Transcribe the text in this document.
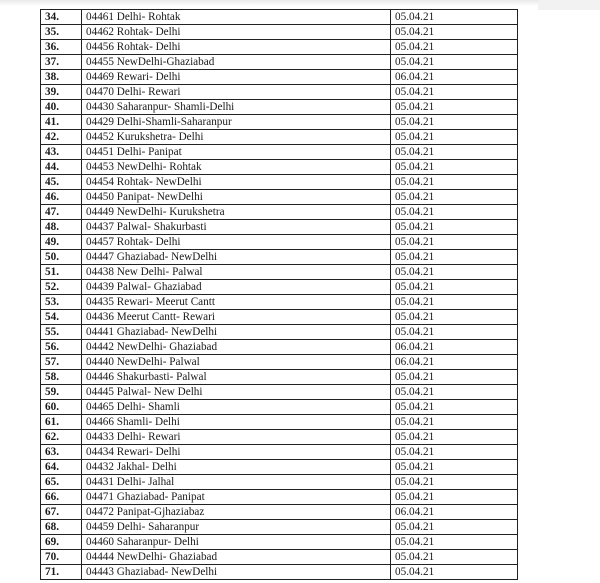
34.	04461 Delhi- Rohtak	05.04.21
35.	04462 Rohtak- Delhi	05.04.21
36.	04456 Rohtak- Delhi	05.04.21
37.	04455 NewDelhi-Ghaziabad	05.04.21
38.	04469 Rewari- Delhi	06.04.21
39.	04470 Delhi- Rewari	05.04.21
40.	04430 Saharanpur- Shamli-Delhi	05.04.21
41.	04429 Delhi-Shamli-Saharanpur	05.04.21
42.	04452 Kurukshetra- Delhi	05.04.21
43.	04451 Delhi- Panipat	05.04.21
44.	04453 NewDelhi- Rohtak	05.04.21
45.	04454 Rohtak- NewDelhi	05.04.21
46.	04450 Panipat- NewDelhi	05.04.21
47.	04449 NewDelhi- Kurukshetra	05.04.21
48.	04437 Palwal- Shakurbasti	05.04.21
49.	04457 Rohtak- Delhi	05.04.21
50.	04447 Ghaziabad- NewDelhi	05.04.21
51.	04438 New Delhi- Palwal	05.04.21
52.	04439 Palwal- Ghaziabad	05.04.21
53.	04435 Rewari- Meerut Cantt	05.04.21
54.	04436 Meerut Cantt- Rewari	05.04.21
55.	04441 Ghaziabad- NewDelhi	05.04.21
56.	04442 NewDelhi- Ghaziabad	06.04.21
57.	04440 NewDelhi- Palwal	06.04.21
58.	04446 Shakurbasti- Palwal	05.04.21
59.	04445 Palwal- New Delhi	05.04.21
60.	04465 Delhi- Shamli	05.04.21
61.	04466 Shamli- Delhi	05.04.21
62.	04433 Delhi- Rewari	05.04.21
63.	04434 Rewari- Delhi	05.04.21
64.	04432 Jakhal- Delhi	05.04.21
65.	04431 Delhi- Jalhal	05.04.21
66.	04471 Ghaziabad- Panipat	05.04.21
67.	04472 Panipat-Gjhaziabaz	06.04.21
68.	04459 Delhi- Saharanpur	05.04.21
69.	04460 Saharanpur- Delhi	05.04.21
70.	04444 NewDelhi- Ghaziabad	05.04.21
71.	04443 Ghaziabad- NewDelhi	05.04.21
